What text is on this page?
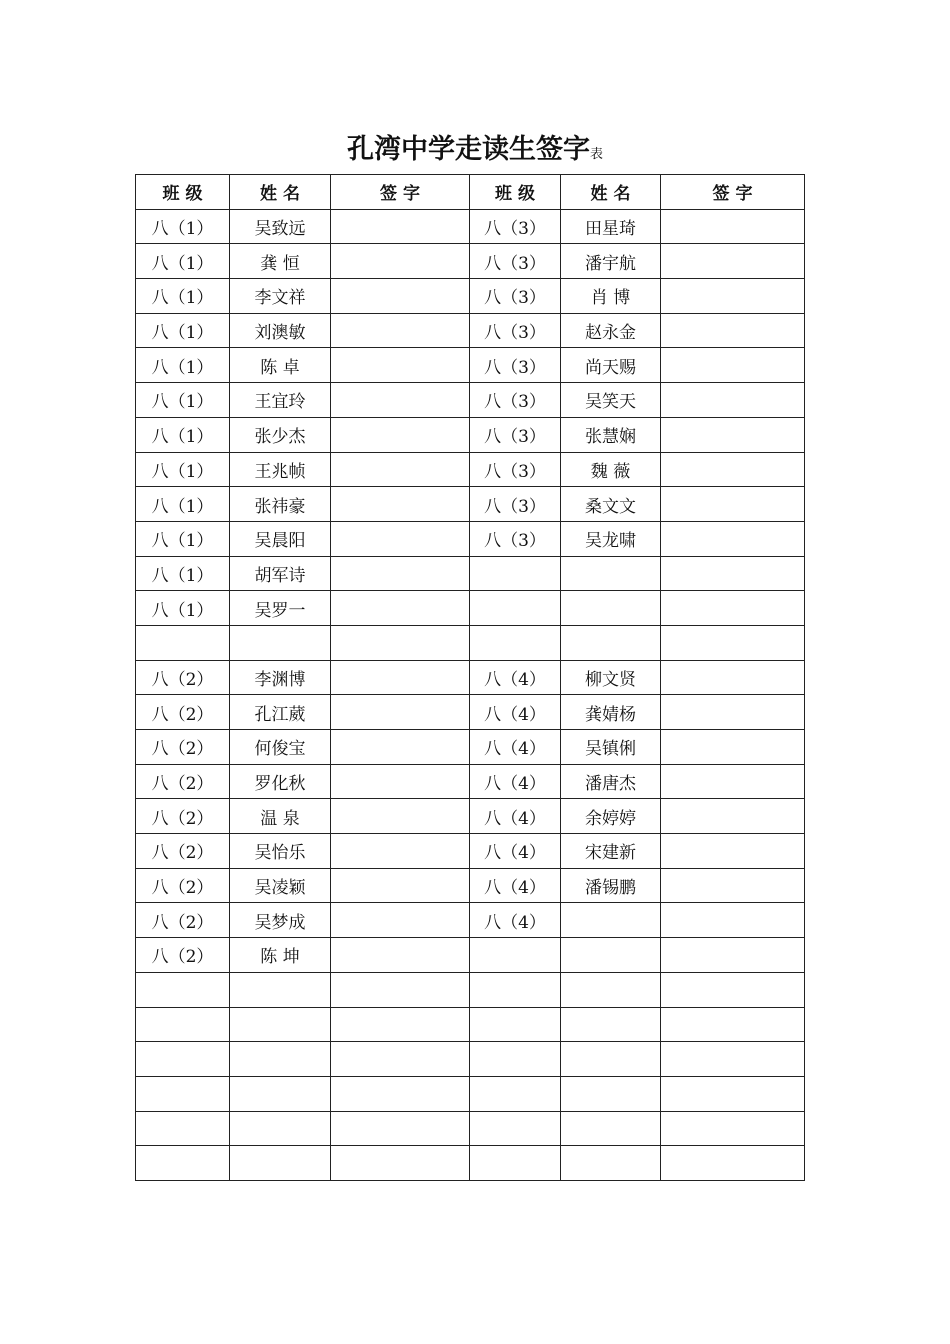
孔湾中学走读生签字表
班 级	姓 名	签 字	班 级	姓 名	签 字
八（1）	吴致远		八（3）	田星琦	
八（1）	龚 恒		八（3）	潘宇航	
八（1）	李文祥		八（3）	肖 博	
八（1）	刘澳敏		八（3）	赵永金	
八（1）	陈 卓		八（3）	尚天赐	
八（1）	王宜玲		八（3）	吴笑天	
八（1）	张少杰		八（3）	张慧娴	
八（1）	王兆帧		八（3）	魏 薇	
八（1）	张祎豪		八（3）	桑文文	
八（1）	吴晨阳		八（3）	吴龙啸	
八（1）	胡军诗				
八（1）	吴罗一				

八（2）	李渊博		八（4）	柳文贤	
八（2）	孔江葳		八（4）	龚婧杨	
八（2）	何俊宝		八（4）	吴镇俐	
八（2）	罗化秋		八（4）	潘唐杰	
八（2）	温 泉		八（4）	余婷婷	
八（2）	吴怡乐		八（4）	宋建新	
八（2）	吴凌颖		八（4）	潘锡鹏	
八（2）	吴梦成		八（4）		
八（2）	陈 坤				
